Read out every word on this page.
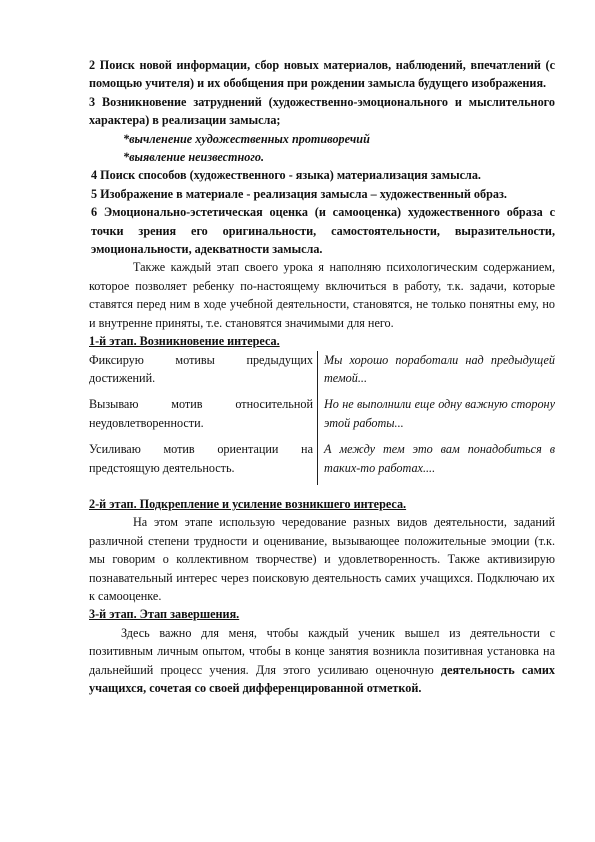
2 Поиск новой информации, сбор новых материалов, наблюдений, впечатлений (с помощью учителя) и их обобщения при рождении замысла будущего изображения.

3 Возникновение затруднений (художественно-эмоционального и мыслительного характера) в реализации замысла;

*вычленение художественных противоречий

*выявление неизвестного.

4 Поиск способов (художественного - языка) материализация замысла.

5 Изображение в материале - реализация замысла – художественный образ.

6 Эмоционально-эстетическая оценка (и самооценка) художественного образа с точки зрения его оригинальности, самостоятельности, выразительности, эмоциональности, адекватности замысла.

Также каждый этап своего урока я наполняю психологическим содержанием, которое позволяет ребенку по-настоящему включиться в работу, т.к. задачи, которые ставятся перед ним в ходе учебной деятельности, становятся, не только понятны ему, но и внутренне приняты, т.е. становятся значимыми для него.

1-й этап. Возникновение интереса.

Фиксирую мотивы предыдущих достижений.	Мы хорошо поработали над предыдущей темой...
Вызываю мотив относительной неудовлетворенности.	Но не выполнили еще одну важную сторону этой работы...
Усиливаю мотив ориентации на предстоящую деятельность.	А между тем это вам понадобиться в таких-то работах....

2-й этап. Подкрепление и усиление возникшего интереса.

На этом этапе использую чередование разных видов деятельности, заданий различной степени трудности и оценивание, вызывающее положительные эмоции (т.к. мы говорим о коллективном творчестве) и удовлетворенность. Также активизирую познавательный интерес через поисковую деятельность самих учащихся. Подключаю их к самооценке.

3-й этап. Этап завершения.

Здесь важно для меня, чтобы каждый ученик вышел из деятельности с позитивным личным опытом, чтобы в конце занятия возникла позитивная установка на дальнейший процесс учения. Для этого усиливаю оценочную деятельность самих учащихся, сочетая со своей дифференцированной отметкой.
